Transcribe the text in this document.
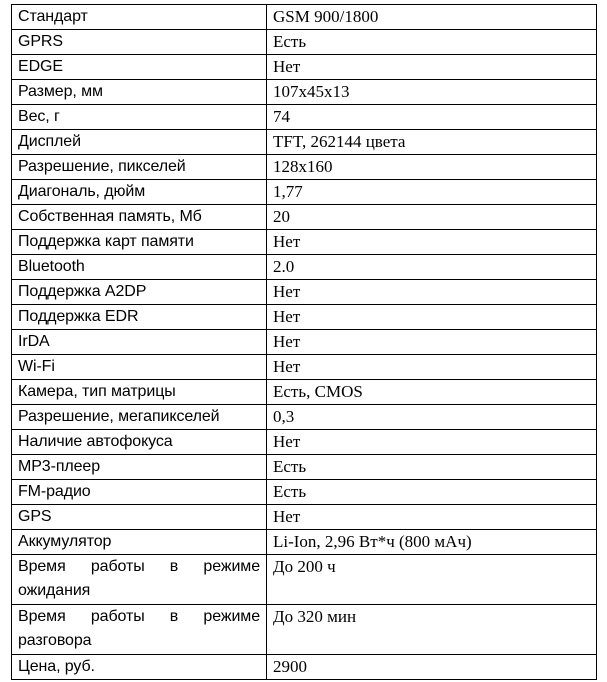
Стандарт	GSM 900/1800
GPRS	Есть
EDGE	Нет
Размер, мм	107x45x13
Вес, г	74
Дисплей	TFT, 262144 цвета
Разрешение, пикселей	128x160
Диагональ, дюйм	1,77
Собственная память, Мб	20
Поддержка карт памяти	Нет
Bluetooth	2.0
Поддержка A2DP	Нет
Поддержка EDR	Нет
IrDA	Нет
Wi-Fi	Нет
Камера, тип матрицы	Есть, CMOS
Разрешение, мегапикселей	0,3
Наличие автофокуса	Нет
MP3-плеер	Есть
FM-радио	Есть
GPS	Нет
Аккумулятор	Li-Ion, 2,96 Вт*ч (800 мАч)
Время работы в режиме ожидания	До 200 ч
Время работы в режиме разговора	До 320 мин
Цена, руб.	2900
